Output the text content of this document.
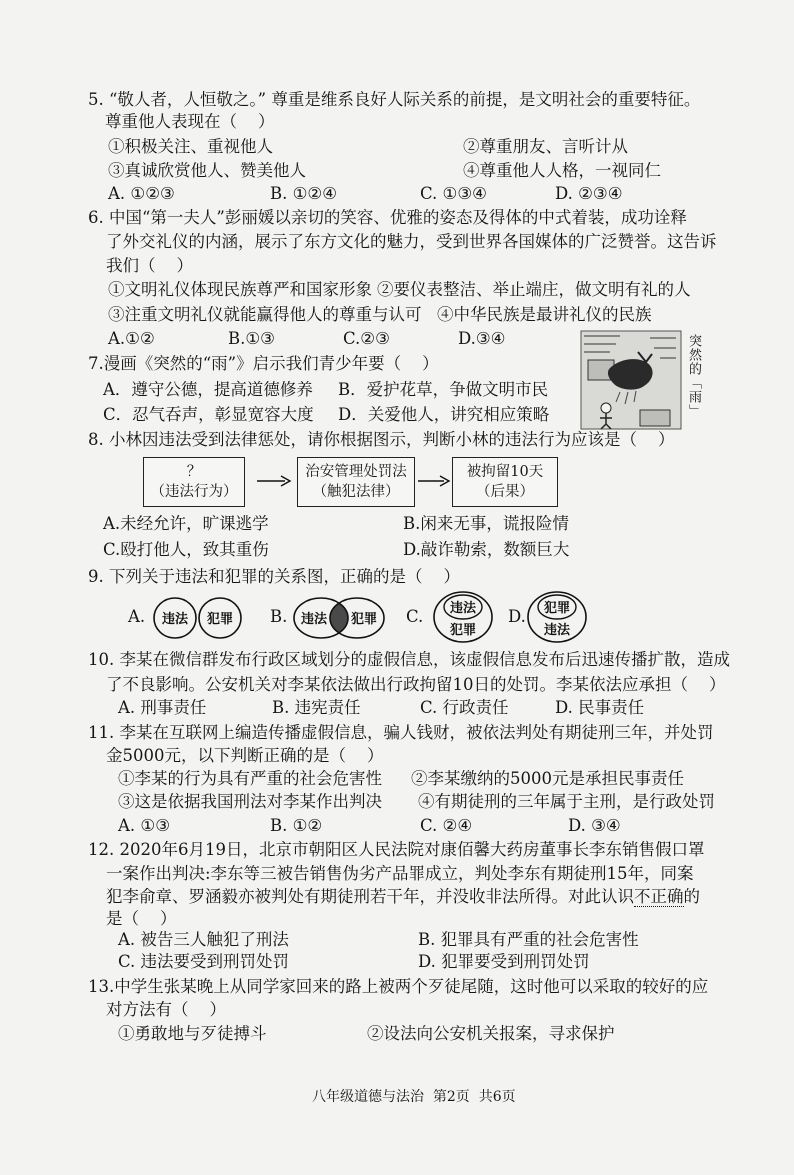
5. “敬人者，人恒敬之。” 尊重是维系良好人际关系的前提，是文明社会的重要特征。
尊重他人表现在（    ）
①积极关注、重视他人	②尊重朋友、言听计从
③真诚欣赏他人、赞美他人	④尊重他人人格，一视同仁
A. ①②③	B. ①②④	C. ①③④	D. ②③④
6. 中国“第一夫人”彭丽媛以亲切的笑容、优雅的姿态及得体的中式着装，成功诠释
了外交礼仪的内涵，展示了东方文化的魅力，受到世界各国媒体的广泛赞誉。这告诉
我们（    ）
①文明礼仪体现民族尊严和国家形象 ②要仪表整洁、举止端庄，做文明有礼的人
③注重文明礼仪就能赢得他人的尊重与认可 ④中华民族是最讲礼仪的民族
A.①②	B.①③	C.②③	D.③④
7.漫画《突然的“雨”》启示我们青少年要（    ）
A．遵守公德，提高道德修养 B．爱护花草，争做文明市民
C．忍气吞声，彰显宽容大度 D．关爱他人，讲究相应策略	突然的「雨」
8. 小林因违法受到法律惩处，请你根据图示，判断小林的违法行为应该是（    ）
？
（违法行为）
治安管理处罚法
（触犯法律）
被拘留10天
（后果）
A.未经允许，旷课逃学	B.闲来无事，谎报险情
C.殴打他人，致其重伤	D.敲诈勒索，数额巨大
9. 下列关于违法和犯罪的关系图，正确的是（    ）
A. 违法 犯罪 B. 违法 犯罪 C. 违法
犯罪
D. 犯罪
违法
10. 李某在微信群发布行政区域划分的虚假信息，该虚假信息发布后迅速传播扩散，造成
了不良影响。公安机关对李某依法做出行政拘留10日的处罚。李某依法应承担（    ）
A. 刑事责任	B. 违宪责任	C. 行政责任	D. 民事责任
11. 李某在互联网上编造传播虚假信息，骗人钱财，被依法判处有期徒刑三年，并处罚
金5000元，以下判断正确的是（    ）
①李某的行为具有严重的社会危害性 ②李某缴纳的5000元是承担民事责任
③这是依据我国刑法对李某作出判决 ④有期徒刑的三年属于主刑，是行政处罚
A. ①③	B. ①②	C. ②④	D. ③④
12. 2020年6月19日，北京市朝阳区人民法院对康佰馨大药房董事长李东销售假口罩
一案作出判决:李东等三被告销售伪劣产品罪成立，判处李东有期徒刑15年，同案
犯李俞章、罗涵毅亦被判处有期徒刑若干年，并没收非法所得。对此认识不正确的
是（    ）
A. 被告三人触犯了刑法	B. 犯罪具有严重的社会危害性
C. 违法要受到刑罚处罚	D. 犯罪要受到刑罚处罚
13.中学生张某晚上从同学家回来的路上被两个歹徒尾随，这时他可以采取的较好的应
对方法有（    ）
①勇敢地与歹徒搏斗	②设法向公安机关报案，寻求保护
八年级道德与法治  第2页  共6页
